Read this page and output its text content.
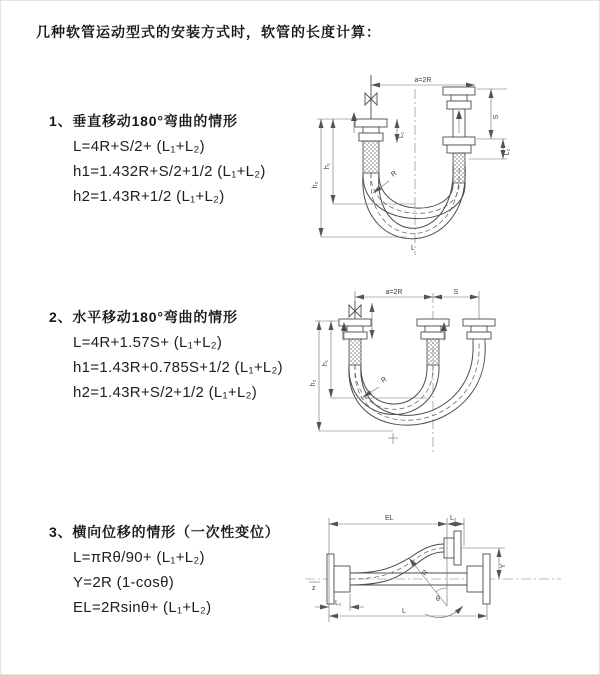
几种软管运动型式的安装方式时，软管的长度计算：
1、垂直移动180°弯曲的情形
L=4R+S/2+ (L₁+L₂)
h1=1.432R+S/2+1/2 (L₁+L₂)
h2=1.43R+1/2 (L₁+L₂)
a=2R
L₁
S
L₂
h₁
h₂
R
L
2、水平移动180°弯曲的情形
L=4R+1.57S+ (L₁+L₂)
h1=1.43R+0.785S+1/2 (L₁+L₂)
h2=1.43R+S/2+1/2 (L₁+L₂)
a=2R	S
h₁
h₂	R
3、横向位移的情形（一次性变位）
L=πRθ/90+ (L₁+L₂)
Y=2R (1-cosθ)
EL=2Rsinθ+ (L₁+L₂)
EL	L₂
Y
L
L₁
R
θ
z
